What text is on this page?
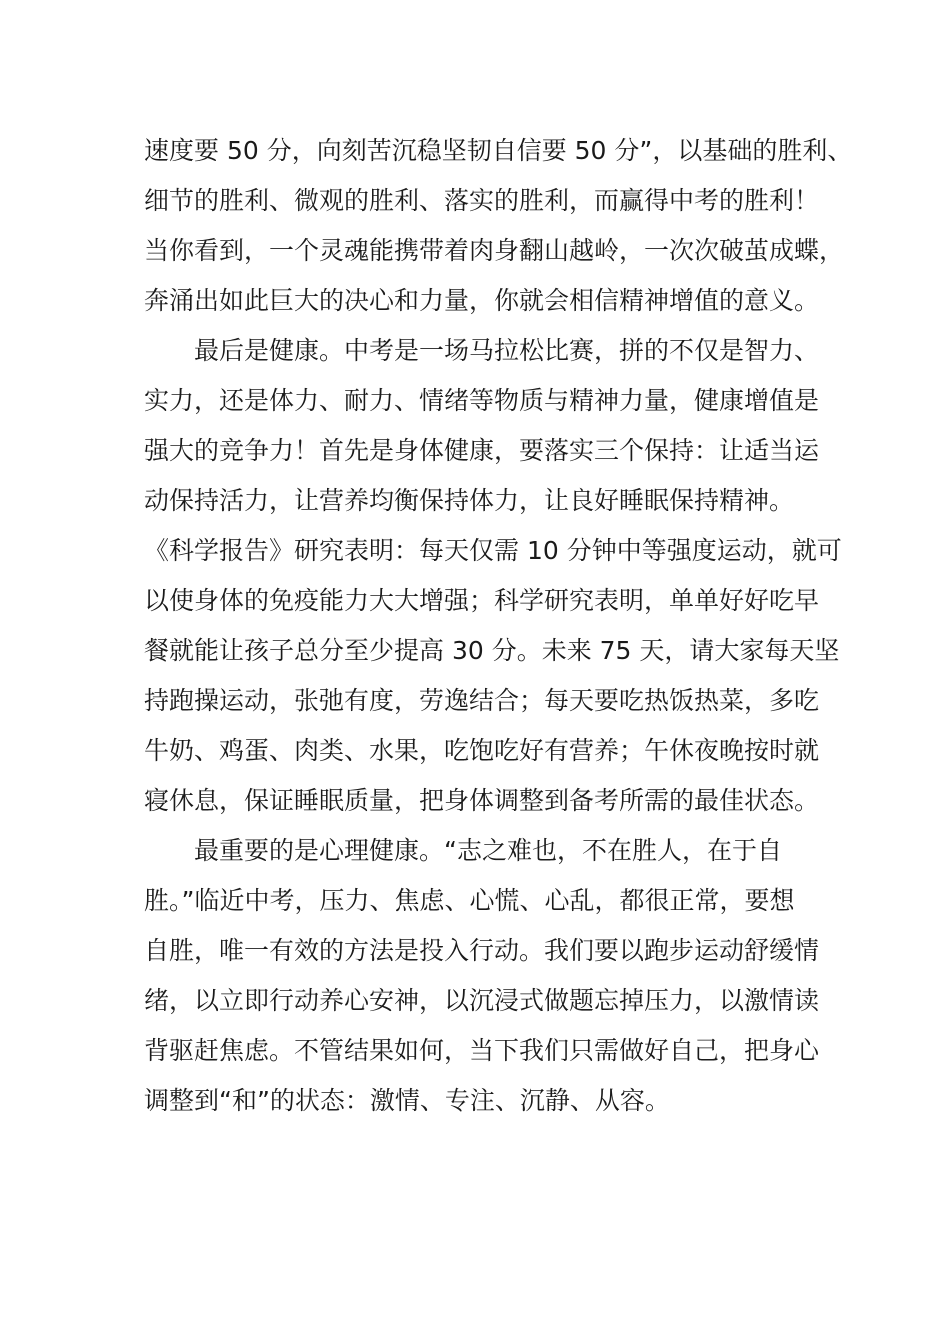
速度要 50 分，向刻苦沉稳坚韧自信要 50 分”，以基础的胜利、
细节的胜利、微观的胜利、落实的胜利，而赢得中考的胜利！
当你看到，一个灵魂能携带着肉身翻山越岭，一次次破茧成蝶，
奔涌出如此巨大的决心和力量，你就会相信精神增值的意义。
最后是健康。中考是一场马拉松比赛，拼的不仅是智力、
实力，还是体力、耐力、情绪等物质与精神力量，健康增值是
强大的竞争力！首先是身体健康，要落实三个保持：让适当运
动保持活力，让营养均衡保持体力，让良好睡眠保持精神。
《科学报告》研究表明：每天仅需 10 分钟中等强度运动，就可
以使身体的免疫能力大大增强；科学研究表明，单单好好吃早
餐就能让孩子总分至少提高 30 分。未来 75 天，请大家每天坚
持跑操运动，张弛有度，劳逸结合；每天要吃热饭热菜，多吃
牛奶、鸡蛋、肉类、水果，吃饱吃好有营养；午休夜晚按时就
寝休息，保证睡眠质量，把身体调整到备考所需的最佳状态。
最重要的是心理健康。“志之难也，不在胜人，在于自
胜。”临近中考，压力、焦虑、心慌、心乱，都很正常，要想
自胜，唯一有效的方法是投入行动。我们要以跑步运动舒缓情
绪，以立即行动养心安神，以沉浸式做题忘掉压力，以激情读
背驱赶焦虑。不管结果如何，当下我们只需做好自己，把身心
调整到“和”的状态：激情、专注、沉静、从容。
